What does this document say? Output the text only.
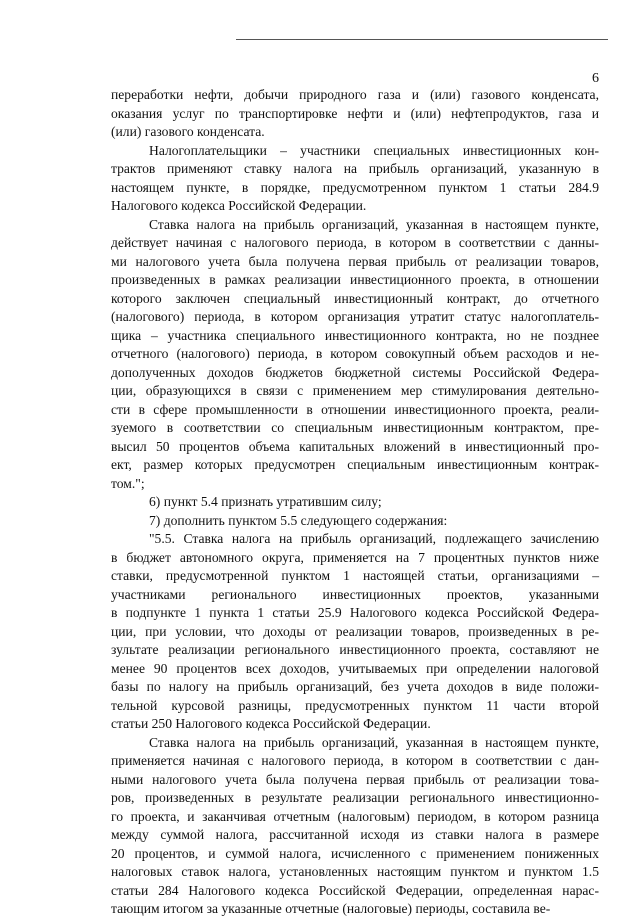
6

переработки нефти, добычи природного газа и (или) газового конденсата,
оказания услуг по транспортировке нефти и (или) нефтепродуктов, газа и
(или) газового конденсата.

Налогоплательщики – участники специальных инвестиционных кон-
трактов применяют ставку налога на прибыль организаций, указанную в
настоящем пункте, в порядке, предусмотренном пунктом 1 статьи 284.9
Налогового кодекса Российской Федерации.

Ставка налога на прибыль организаций, указанная в настоящем пункте,
действует начиная с налогового периода, в котором в соответствии с данны-
ми налогового учета была получена первая прибыль от реализации товаров,
произведенных в рамках реализации инвестиционного проекта, в отношении
которого заключен специальный инвестиционный контракт, до отчетного
(налогового) периода, в котором организация утратит статус налогоплатель-
щика – участника специального инвестиционного контракта, но не позднее
отчетного (налогового) периода, в котором совокупный объем расходов и не-
дополученных доходов бюджетов бюджетной системы Российской Федера-
ции, образующихся в связи с применением мер стимулирования деятельно-
сти в сфере промышленности в отношении инвестиционного проекта, реали-
зуемого в соответствии со специальным инвестиционным контрактом, пре-
высил 50 процентов объема капитальных вложений в инвестиционный про-
ект, размер которых предусмотрен специальным инвестиционным контрак-
том.";

6) пункт 5.4 признать утратившим силу;

7) дополнить пунктом 5.5 следующего содержания:

"5.5. Ставка налога на прибыль организаций, подлежащего зачислению
в бюджет автономного округа, применяется на 7 процентных пунктов ниже
ставки, предусмотренной пунктом 1 настоящей статьи, организациями –
участниками регионального инвестиционных проектов, указанными
в подпункте 1 пункта 1 статьи 25.9 Налогового кодекса Российской Федера-
ции, при условии, что доходы от реализации товаров, произведенных в ре-
зультате реализации регионального инвестиционного проекта, составляют не
менее 90 процентов всех доходов, учитываемых при определении налоговой
базы по налогу на прибыль организаций, без учета доходов в виде положи-
тельной курсовой разницы, предусмотренных пунктом 11 части второй
статьи 250 Налогового кодекса Российской Федерации.

Ставка налога на прибыль организаций, указанная в настоящем пункте,
применяется начиная с налогового периода, в котором в соответствии с дан-
ными налогового учета была получена первая прибыль от реализации това-
ров, произведенных в результате реализации регионального инвестиционно-
го проекта, и заканчивая отчетным (налоговым) периодом, в котором разница
между суммой налога, рассчитанной исходя из ставки налога в размере
20 процентов, и суммой налога, исчисленного с применением пониженных
налоговых ставок налога, установленных настоящим пунктом и пунктом 1.5
статьи 284 Налогового кодекса Российской Федерации, определенная нарас-
тающим итогом за указанные отчетные (налоговые) периоды, составила ве-
